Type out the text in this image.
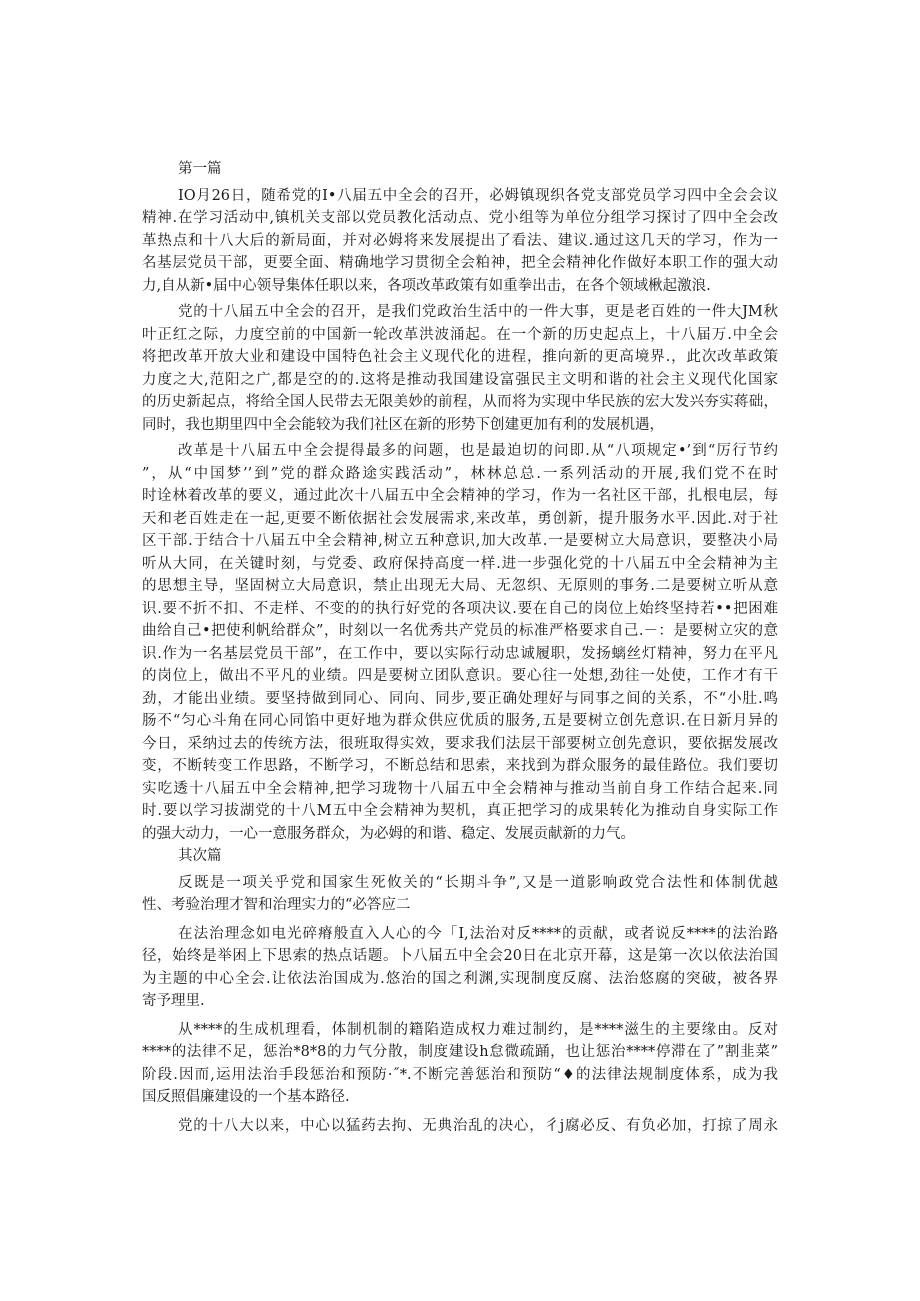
第一篇

IO月26日，随希党的I•八届五中全会的召开，必姆镇现织各党支部党员学习四中全会会议
精神.在学习活动中,镇机关支部以党员教化活动点、党小组等为单位分组学习探讨了四中全会改
革热点和十八大后的新局面，并对必姆将来发展提出了看法、建议.通过这几天的学习，作为一
名基层党员干部，更要全面、精确地学习贯彻全会粕神，把全会精神化作做好本职工作的强大动
力,自从新•届中心领导集体任职以来，各项改革政策有如重拳出击，在各个领域楸起激浪.

党的十八届五中全会的召开，是我们党政治生活中的一件大事，更是老百姓的一件大JM秋
叶正红之际，力度空前的中国新一轮改革洪波涌起。在一个新的历史起点上，十八届万.中全会
将把改革开放大业和建设中国特色社会主义现代化的进程，推向新的更高境界.，此次改革政策
力度之大,范阳之广,都是空的的.这将是推动我国建设富强民主文明和谐的社会主义现代化国家
的历史新起点，将给全国人民带去无限美妙的前程，从而将为实现中华民族的宏大发兴夯实蒋础，
同时，我也期里四中全会能较为我们社区在新的形势下创建更加有利的发展机遇，

改革是十八届五中全会提得最多的问题，也是最迫切的问即.从“八项规定•’到“厉行节约
”，从“中国梦’’到”党的群众路途实践活动”，林林总总.一系列活动的开展,我们党不在时
时诠林着改革的要义，通过此次十八届五中全会精神的学习，作为一名社区干部，扎根电层，每
天和老百姓走在一起,更要不断依据社会发展需求,来改革，勇创新，提升服务水平.因此.对于社
区干部.于结合十八届五中全会精神,树立五种意识,加大改革.一是要树立大局意识，要整决小局
听从大同，在关键时刻，与党委、政府保持高度一样.进一步强化党的十八届五中全会精神为主
的思想主导，坚固树立大局意识，禁止出现无大局、无忽织、无原则的事务.二是要树立听从意
识.要不折不扣、不走样、不变的的执行好党的各项决议.要在自己的岗位上始终坚持若••把困难
曲给自己•把使利帆给群众”，时刻以一名优秀共产党员的标准严格要求自己.－：是要树立灾的意
识.作为一名基层党员干部”，在工作中，要以实际行动忠诚履职，发扬螭丝灯精神，努力在平凡
的岗位上，做出不平凡的业绩。四是要树立团队意识。要心往一处想,劲往一处使，工作才有干
劲，才能出业绩。要坚持做到同心、同向、同步,要正确处理好与同事之间的关系，不“小肚.鸣
肠不“匀心斗角在同心同馅中更好地为群众供应优质的服务,五是要树立创先意识.在日新月异的
今日，采纳过去的传统方法，很班取得实效，要求我们法层干部要树立创先意识，要依据发展改
变，不断转变工作思路，不断学习，不断总结和思索，来找到为群众服务的最佳路位。我们要切
实吃透十八届五中全会精神,把学习珑物十八届五中全会精神与推动当前自身工作结合起来.同
时.要以学习拔湖党的十八M五中全会精神为契机，真正把学习的成果转化为推动自身实际工作
的强大动力，一心一意服务群众，为必姆的和谐、稳定、发展贡献新的力气。

其次篇

反既是一项关乎党和国家生死攸关的“长期斗争”,又是一道影响政党合法性和体制优越
性、考验治理才智和治理实力的“必答应二

在法治理念如电光碎瘠般直入人心的今「I,法治对反****的贡献，或者说反****的法治路
径，始终是举困上下思索的热点话题。卜八届五中全会20日在北京开幕，这是第一次以依法治国
为主题的中心全会.让依法治国成为.悠治的国之利渊,实现制度反腐、法治悠腐的突破，被各界
寄予理里.

从****的生成机理看，体制机制的籍陷造成权力难过制约，是****滋生的主要缘由。反对
****的法律不足，惩治*8*8的力气分散，制度建设h怠微疏踊，也让惩治****停滞在了”割韭菜”
阶段.因而,运用法治手段惩治和预防·˝*.不断完善惩治和预防“♦的法律法规制度体系，成为我
国反照倡廉建设的一个基本路径.

党的十八大以来，中心以猛药去拘、无典治乱的决心，彳j腐必反、有负必加，打掠了周永
